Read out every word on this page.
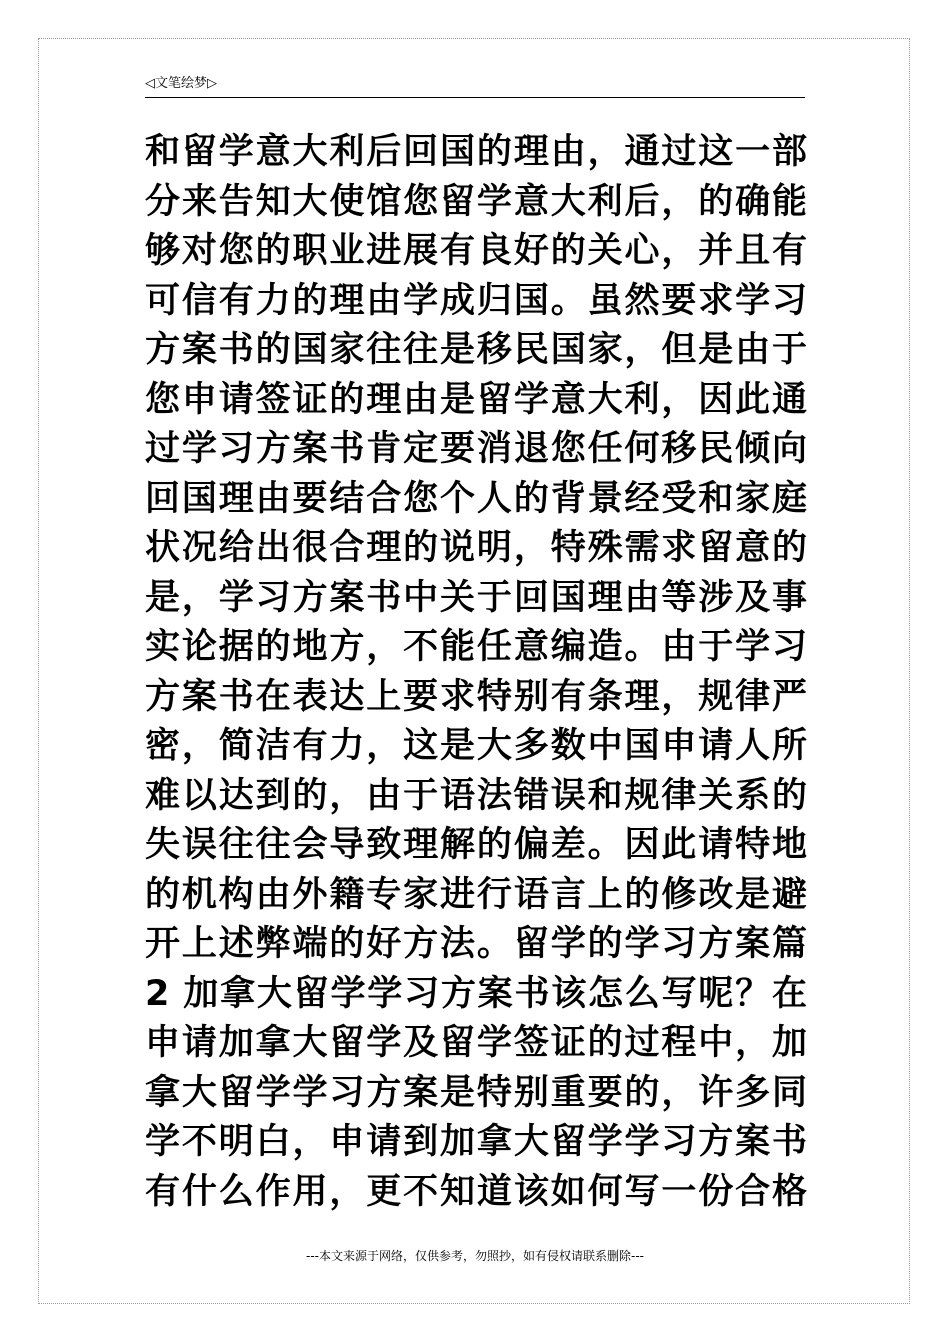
◁文笔绘梦▷
和留学意大利后回国的理由，通过这一部
分来告知大使馆您留学意大利后，的确能
够对您的职业进展有良好的关心，并且有
可信有力的理由学成归国。虽然要求学习
方案书的国家往往是移民国家，但是由于
您申请签证的理由是留学意大利，因此通
过学习方案书肯定要消退您任何移民倾向
回国理由要结合您个人的背景经受和家庭
状况给出很合理的说明，特殊需求留意的
是，学习方案书中关于回国理由等涉及事
实论据的地方，不能任意编造。由于学习
方案书在表达上要求特别有条理，规律严
密，简洁有力，这是大多数中国申请人所
难以达到的，由于语法错误和规律关系的
失误往往会导致理解的偏差。因此请特地
的机构由外籍专家进行语言上的修改是避
开上述弊端的好方法。留学的学习方案篇
2 加拿大留学学习方案书该怎么写呢？在
申请加拿大留学及留学签证的过程中，加
拿大留学学习方案是特别重要的，许多同
学不明白，申请到加拿大留学学习方案书
有什么作用，更不知道该如何写一份合格
---本文来源于网络，仅供参考，勿照抄，如有侵权请联系删除---
